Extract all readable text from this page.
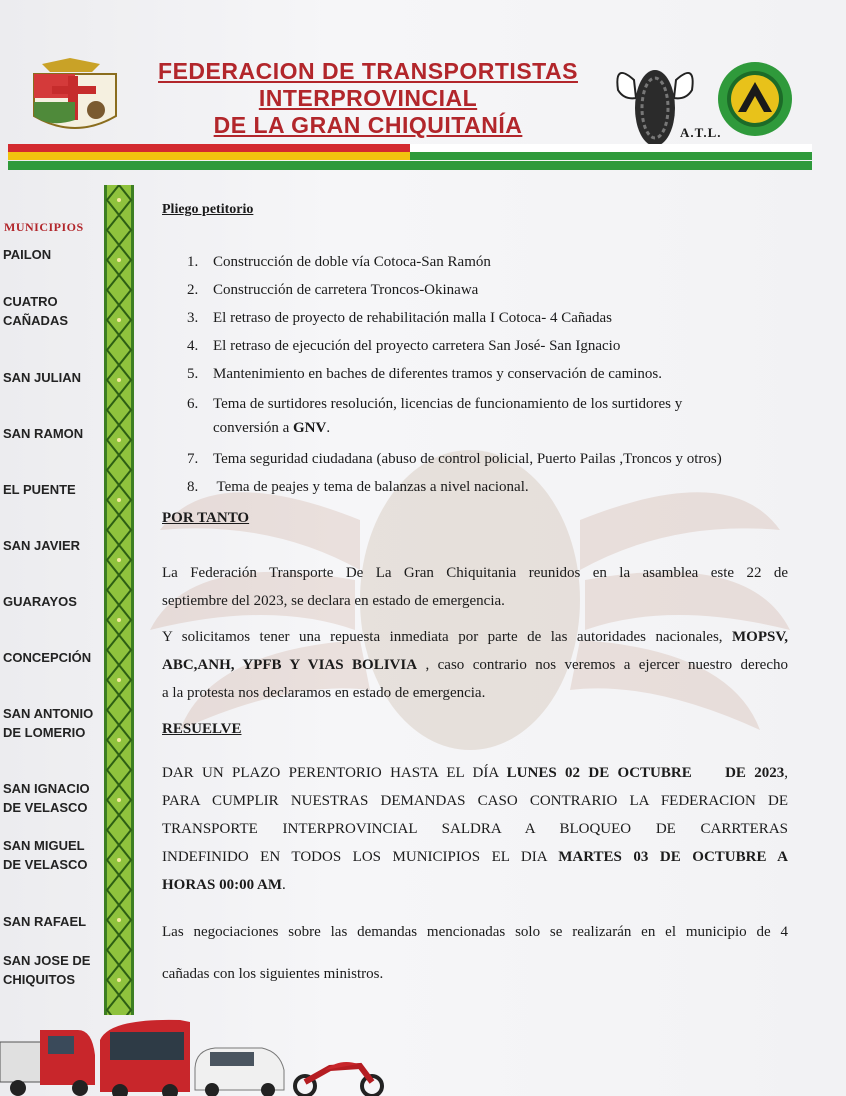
FEDERACION DE TRANSPORTISTAS
INTERPROVINCIAL
DE LA GRAN CHIQUITANÍA	A.T.L.
MUNICIPIOS
PAILON
CUATRO
CAÑADAS
SAN JULIAN
SAN RAMON
EL PUENTE
SAN JAVIER
GUARAYOS
CONCEPCIÓN
SAN ANTONIO
DE LOMERIO
SAN IGNACIO
DE VELASCO
SAN MIGUEL
DE VELASCO
SAN RAFAEL
SAN JOSE DE
CHIQUITOS
Pliego petitorio
1. Construcción de doble vía Cotoca-San Ramón
2. Construcción de carretera Troncos-Okinawa
3. El retraso de proyecto de rehabilitación malla I Cotoca- 4 Cañadas
4. El retraso de ejecución del proyecto carretera San José- San Ignacio
5. Mantenimiento en baches de diferentes tramos y conservación de caminos.
6. Tema de surtidores resolución, licencias de funcionamiento de los surtidores y
conversión a GNV.
7. Tema seguridad ciudadana (abuso de control policial, Puerto Pailas ,Troncos y otros)
8. Tema de peajes y tema de balanzas a nivel nacional.
POR TANTO
La Federación Transporte De La Gran Chiquitania reunidos en la asamblea este 22 de
septiembre del 2023, se declara en estado de emergencia.
Y solicitamos tener una repuesta inmediata por parte de las autoridades nacionales, MOPSV,
ABC,ANH, YPFB Y VIAS BOLIVIA , caso contrario nos veremos a ejercer nuestro derecho
a la protesta nos declaramos en estado de emergencia.
RESUELVE
DAR UN PLAZO PERENTORIO HASTA EL DÍA LUNES 02 DE OCTUBRE    DE 2023,
PARA CUMPLIR NUESTRAS DEMANDAS CASO CONTRARIO LA FEDERACION DE
TRANSPORTE INTERPROVINCIAL SALDRA A BLOQUEO DE CARRTERAS
INDEFINIDO EN TODOS LOS MUNICIPIOS EL DIA MARTES 03 DE OCTUBRE A
HORAS 00:00 AM.
Las negociaciones sobre las demandas mencionadas solo se realizarán en el municipio de 4
cañadas con los siguientes ministros.
